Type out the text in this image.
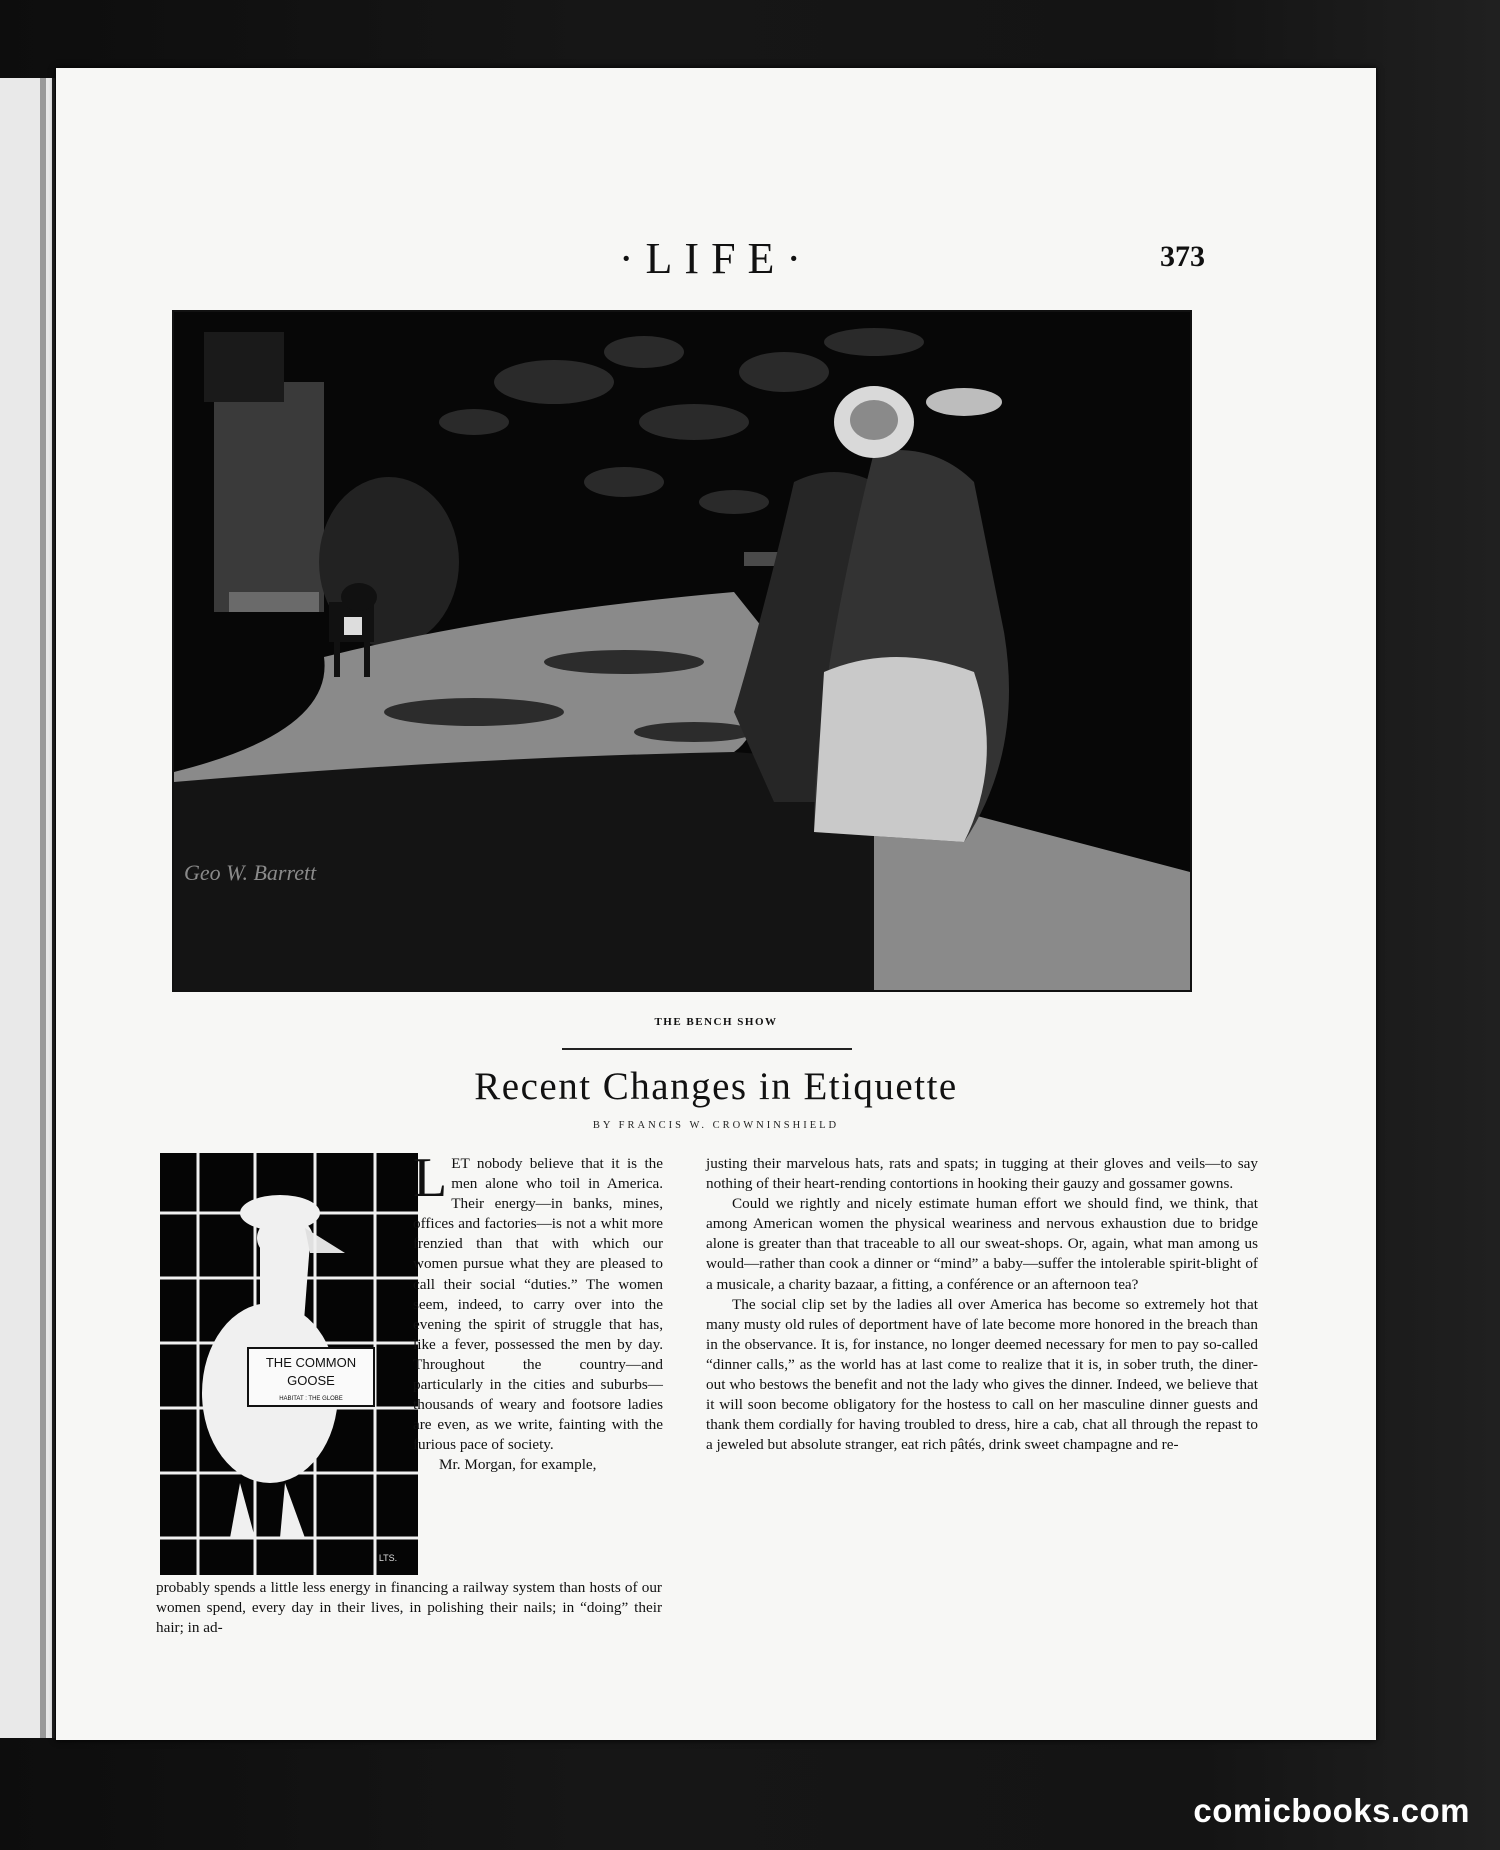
·LIFE·	373
Geo W. Barrett
THE BENCH SHOW
Recent Changes in Etiquette
BY FRANCIS W. CROWNINSHIELD
THE COMMON
GOOSE
HABITAT : THE GLOBE
LTS.

LET nobody believe that it is the men alone who toil in America. Their energy—in banks, mines, offices and factories—is not a whit more frenzied than that with which our women pursue what they are pleased to call their social “duties.” The women seem, indeed, to carry over into the evening the spirit of struggle that has, like a fever, possessed the men by day. Throughout the country—and particularly in the cities and suburbs—thousands of weary and footsore ladies are even, as we write, fainting with the furious pace of society.

Mr. Morgan, for example,

probably spends a little less energy in financing a railway system than hosts of our women spend, every day in their lives, in polishing their nails; in “doing” their hair; in ad-

justing their marvelous hats, rats and spats; in tugging at their gloves and veils—to say nothing of their heart-rending contortions in hooking their gauzy and gossamer gowns.

Could we rightly and nicely estimate human effort we should find, we think, that among American women the physical weariness and nervous exhaustion due to bridge alone is greater than that traceable to all our sweat-shops. Or, again, what man among us would—rather than cook a dinner or “mind” a baby—suffer the intolerable spirit-blight of a musicale, a charity bazaar, a fitting, a conférence or an afternoon tea?

The social clip set by the ladies all over America has become so extremely hot that many musty old rules of deportment have of late become more honored in the breach than in the observance. It is, for instance, no longer deemed necessary for men to pay so-called “dinner calls,” as the world has at last come to realize that it is, in sober truth, the diner-out who bestows the benefit and not the lady who gives the dinner. Indeed, we believe that it will soon become obligatory for the hostess to call on her masculine dinner guests and thank them cordially for having troubled to dress, hire a cab, chat all through the repast to a jeweled but absolute stranger, eat rich pâtés, drink sweet champagne and re-

comicbooks.com
